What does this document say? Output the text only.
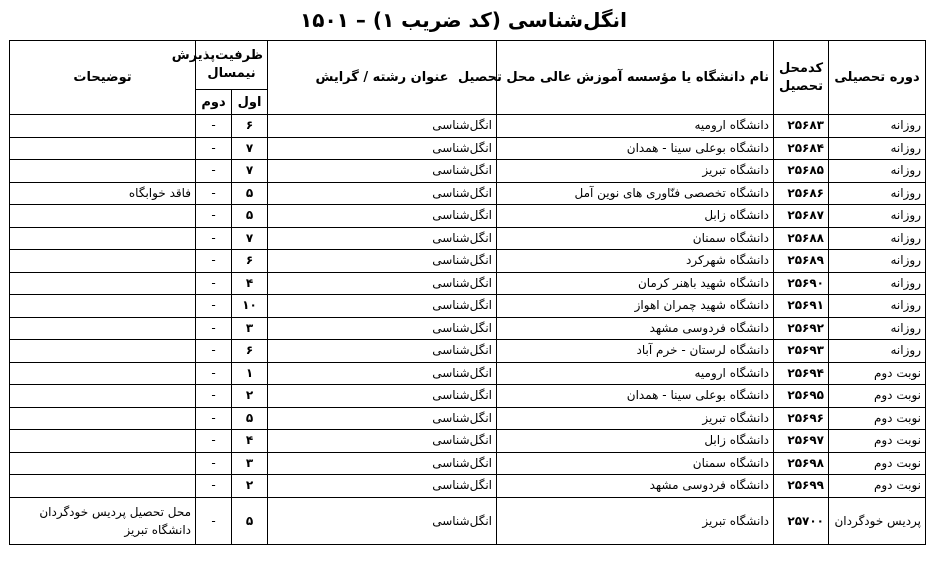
۱۵۰۱ – انگل‌شناسی (کد ضریب ۱)
دوره تحصیلی	کدمحل تحصیل	نام دانشگاه یا مؤسسه آموزش عالی محل تحصیل	عنوان رشته / گرایش	ظرفیت‌پذیرش نیمسال		توضیحات
				اول	دوم	
روزانه	۲۵۶۸۳	دانشگاه ارومیه	انگل‌شناسی	۶	-	
روزانه	۲۵۶۸۴	دانشگاه بوعلی سینا - همدان	انگل‌شناسی	۷	-	
روزانه	۲۵۶۸۵	دانشگاه تبریز	انگل‌شناسی	۷	-	
روزانه	۲۵۶۸۶	دانشگاه تخصصی فنّاوری های نوین آمل	انگل‌شناسی	۵	-	فاقد خوابگاه
روزانه	۲۵۶۸۷	دانشگاه زابل	انگل‌شناسی	۵	-	
روزانه	۲۵۶۸۸	دانشگاه سمنان	انگل‌شناسی	۷	-	
روزانه	۲۵۶۸۹	دانشگاه شهرکرد	انگل‌شناسی	۶	-	
روزانه	۲۵۶۹۰	دانشگاه شهید باهنر کرمان	انگل‌شناسی	۴	-	
روزانه	۲۵۶۹۱	دانشگاه شهید چمران اهواز	انگل‌شناسی	۱۰	-	
روزانه	۲۵۶۹۲	دانشگاه فردوسی مشهد	انگل‌شناسی	۳	-	
روزانه	۲۵۶۹۳	دانشگاه لرستان - خرم آباد	انگل‌شناسی	۶	-	
نوبت دوم	۲۵۶۹۴	دانشگاه ارومیه	انگل‌شناسی	۱	-	
نوبت دوم	۲۵۶۹۵	دانشگاه بوعلی سینا - همدان	انگل‌شناسی	۲	-	
نوبت دوم	۲۵۶۹۶	دانشگاه تبریز	انگل‌شناسی	۵	-	
نوبت دوم	۲۵۶۹۷	دانشگاه زابل	انگل‌شناسی	۴	-	
نوبت دوم	۲۵۶۹۸	دانشگاه سمنان	انگل‌شناسی	۳	-	
نوبت دوم	۲۵۶۹۹	دانشگاه فردوسی مشهد	انگل‌شناسی	۲	-	
پردیس خودگردان	۲۵۷۰۰	دانشگاه تبریز	انگل‌شناسی	۵	-	محل تحصیل پردیس خودگردان دانشگاه تبریز
